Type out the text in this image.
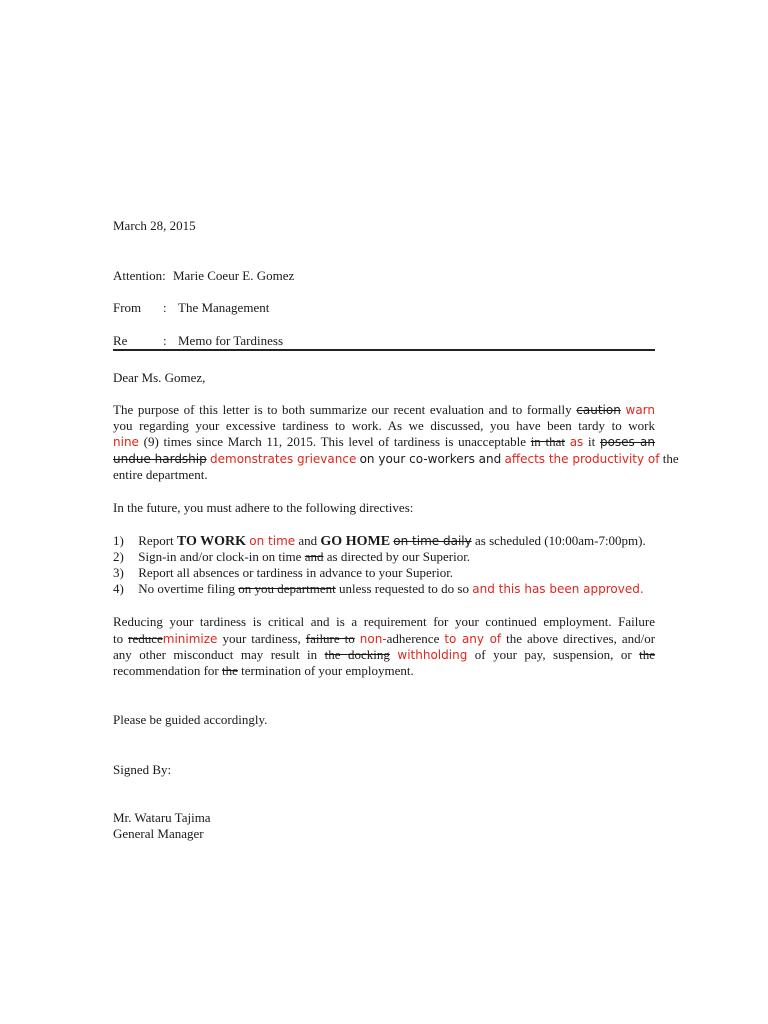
March 28, 2015
Attention: Marie Coeur E. Gomez
From : The Management
Re	: Memo for Tardiness
Dear Ms. Gomez,
The purpose of this letter is to both summarize our recent evaluation and to formally caution warn
you regarding your excessive tardiness to work. As we discussed, you have been tardy to work
nine (9) times since March 11, 2015. This level of tardiness is unacceptable in that as it poses an
undue hardship demonstrates grievance on your co-workers and affects the productivity of the
entire department.
In the future, you must adhere to the following directives:
1) Report TO WORK on time and GO HOME on time daily as scheduled (10:00am-7:00pm).
2) Sign-in and/or clock-in on time and as directed by our Superior.
3) Report all absences or tardiness in advance to your Superior.
4) No overtime filing on you department unless requested to do so and this has been approved.
Reducing your tardiness is critical and is a requirement for your continued employment. Failure
to reduceminimize your tardiness, failure to non-adherence to any of the above directives, and/or
any other misconduct may result in the docking withholding of your pay, suspension, or the
recommendation for the termination of your employment.
Please be guided accordingly.
Signed By:
Mr. Wataru Tajima
General Manager
